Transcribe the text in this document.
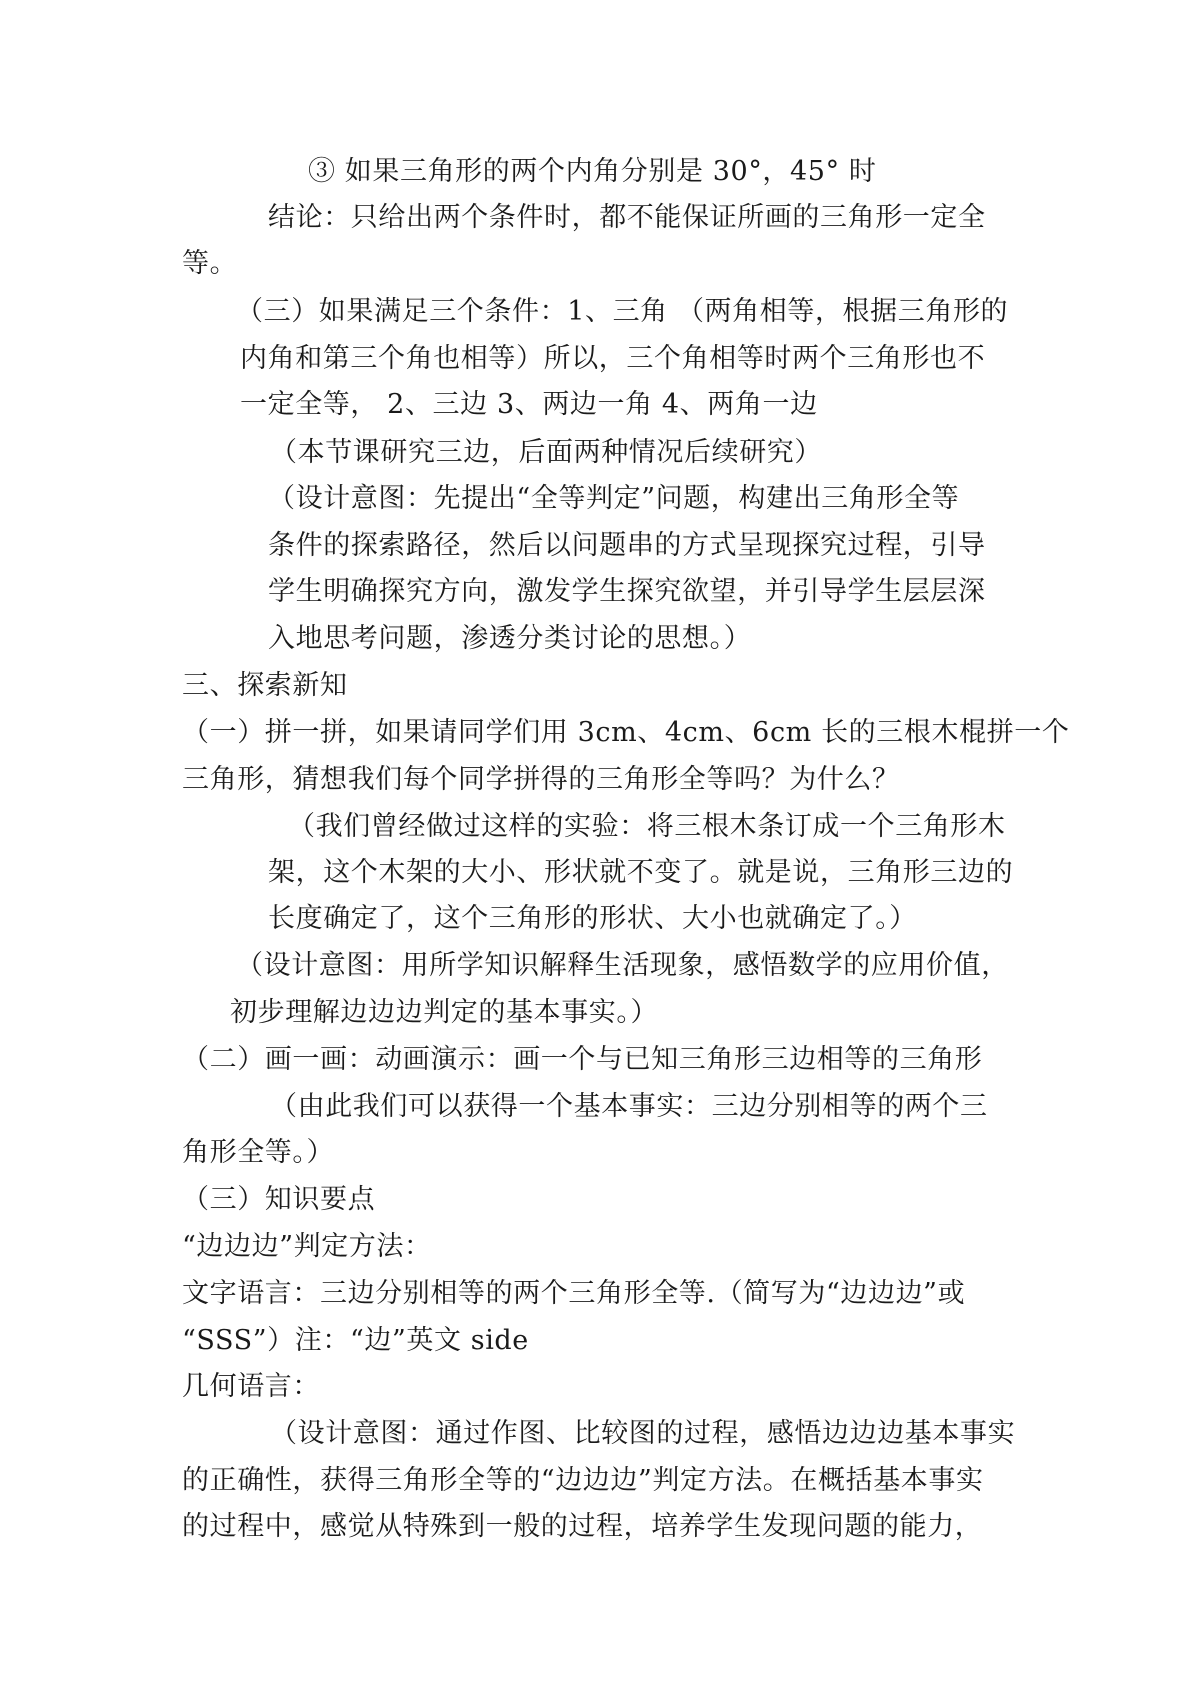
③ 如果三角形的两个内角分别是 30°，45° 时
结论：只给出两个条件时，都不能保证所画的三角形一定全
等。
（三）如果满足三个条件：1、三角 （两角相等，根据三角形的
内角和第三个角也相等）所以，三个角相等时两个三角形也不
一定全等， 2、三边 3、两边一角 4、两角一边
（本节课研究三边，后面两种情况后续研究）
（设计意图：先提出“全等判定”问题，构建出三角形全等
条件的探索路径，然后以问题串的方式呈现探究过程，引导
学生明确探究方向，激发学生探究欲望，并引导学生层层深
入地思考问题，渗透分类讨论的思想。）
三、探索新知
（一）拼一拼，如果请同学们用 3cm、4cm、6cm 长的三根木棍拼一个
三角形，猜想我们每个同学拼得的三角形全等吗？为什么？
（我们曾经做过这样的实验：将三根木条订成一个三角形木
架，这个木架的大小、形状就不变了。就是说，三角形三边的
长度确定了，这个三角形的形状、大小也就确定了。）
（设计意图：用所学知识解释生活现象，感悟数学的应用价值，
初步理解边边边判定的基本事实。）
（二）画一画：动画演示：画一个与已知三角形三边相等的三角形
（由此我们可以获得一个基本事实：三边分别相等的两个三
角形全等。）
（三）知识要点
“边边边”判定方法：
文字语言：三边分别相等的两个三角形全等.（简写为“边边边”或
“SSS”）注：“边”英文 side
几何语言：
（设计意图：通过作图、比较图的过程，感悟边边边基本事实
的正确性，获得三角形全等的“边边边”判定方法。在概括基本事实
的过程中，感觉从特殊到一般的过程，培养学生发现问题的能力，
